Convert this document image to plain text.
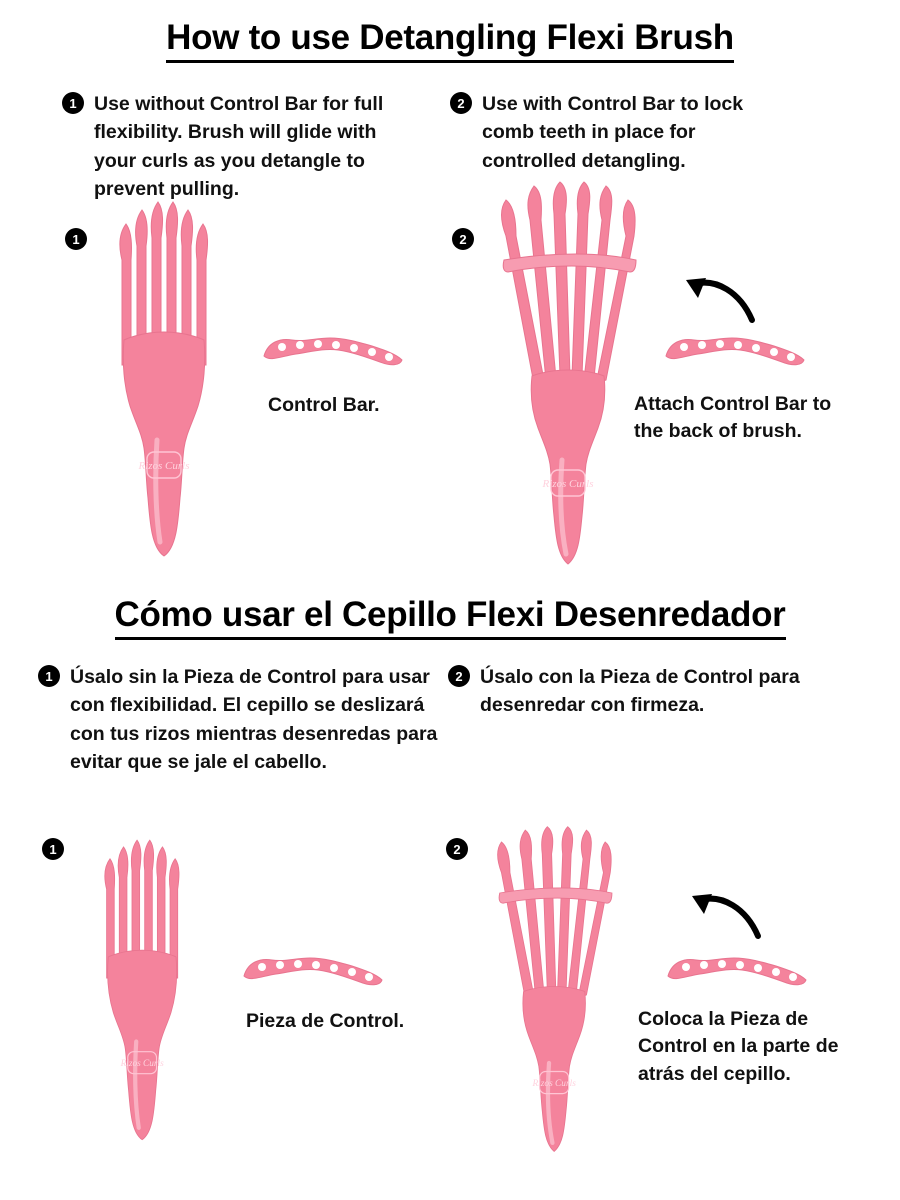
How to use Detangling Flexi Brush
1 Use without Control Bar for full flexibility. Brush will glide with your curls as you detangle to prevent pulling.
2 Use with Control Bar to lock comb teeth in place for controlled detangling.
1	2
Rizos Curls
Control Bar.
Rizos Curls
Attach Control Bar to the back of brush.
Cómo usar el Cepillo Flexi Desenredador
1 Úsalo sin la Pieza de Control para usar con flexibilidad. El cepillo se deslizará con tus rizos mientras desenredas para evitar que se jale el cabello.
2 Úsalo con la Pieza de Control para desenredar con firmeza.
1	2
Rizos Curls
Pieza de Control.
Rizos Curls
Coloca la Pieza de Control en la parte de atrás del cepillo.
